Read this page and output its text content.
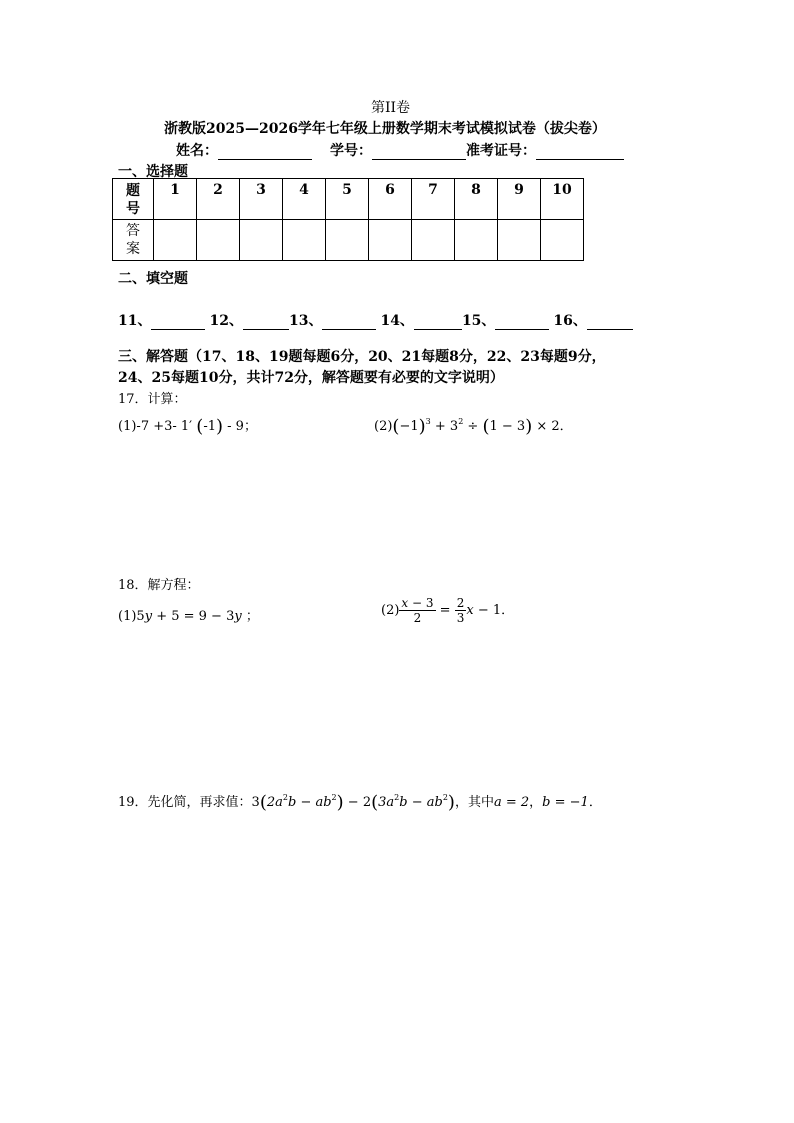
第II卷
浙教版2025—2026学年七年级上册数学期末考试模拟试卷（拔尖卷）
姓名：	学号：	准考证号：
一、选择题
题
号	1	2	3	4	5	6	7	8	9	10
答
案										
二、填空题
11、	12、	13、	14、	15、	16、
三、解答题（17、18、19题每题6分，20、21每题8分，22、23每题9分，
24、25每题10分，共计72分，解答题要有必要的文字说明）
17．计算：
(1)-7 +3- 1′ (-1) - 9；	$(2)(-1)^3 + 3^2 \div (1 - 3) \times 2$．
18．解方程：
(1)5y + 5 = 9 − 3y ；	$(2) \frac{x - 3}{2} = \frac{2}{3}$ x − 1．
19．先化简，再求值：$3(2a^2b - ab^2) - 2(3a^2b - ab^2)$，其中a = 2，b = −1．
